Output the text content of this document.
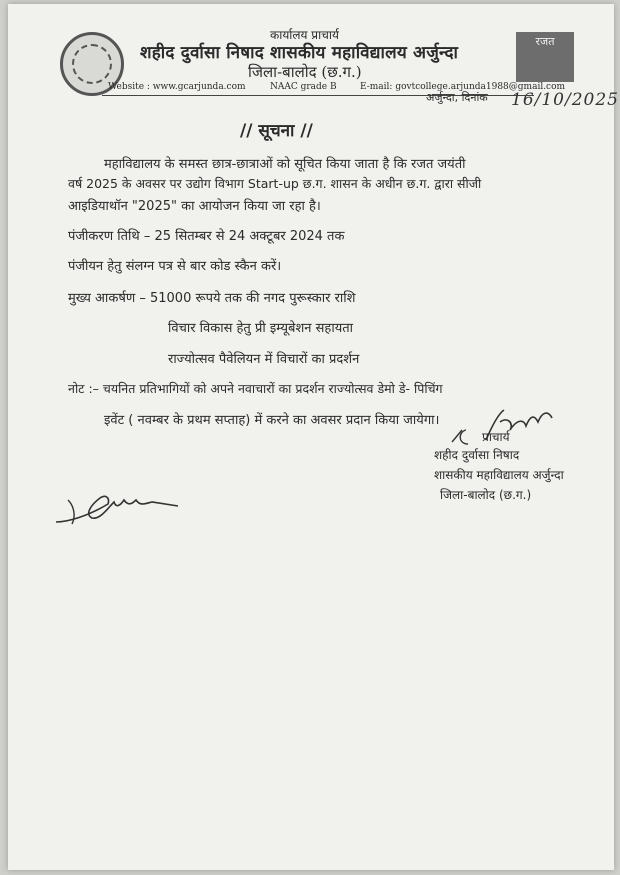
रजत
कार्यालय प्राचार्य
शहीद दुर्वासा निषाद शासकीय महाविद्यालय अर्जुन्दा
जिला-बालोद (छ.ग.)
Website : www.gcarjunda.com	NAAC grade B	E-mail: govtcollege.arjunda1988@gmail.com
अर्जुन्दा, दिनांक 16/10/2025
// सूचना //
महाविद्यालय के समस्त छात्र-छात्राओं को सूचित किया जाता है कि रजत जयंती
वर्ष 2025 के अवसर पर उद्योग विभाग Start-up छ.ग. शासन के अधीन छ.ग. द्वारा सीजी
आइडियाथॉन "2025" का आयोजन किया जा रहा है।
पंजीकरण तिथि – 25 सितम्बर से 24 अक्टूबर 2024 तक
पंजीयन हेतु संलग्न पत्र से बार कोड स्कैन करें।
मुख्य आकर्षण – 51000 रूपये तक की नगद पुरूस्कार राशि
विचार विकास हेतु प्री इम्यूबेशन सहायता
राज्योत्सव पैवेलियन में विचारों का प्रदर्शन
नोट :– चयनित प्रतिभागियों को अपने नवाचारों का प्रदर्शन राज्योत्सव डेमो डे- पिचिंग
इवेंट ( नवम्बर के प्रथम सप्ताह) में करने का अवसर प्रदान किया जायेगा।
प्राचार्य
शहीद दुर्वासा निषाद
शासकीय महाविद्यालय अर्जुन्दा
जिला-बालोद (छ.ग.)
